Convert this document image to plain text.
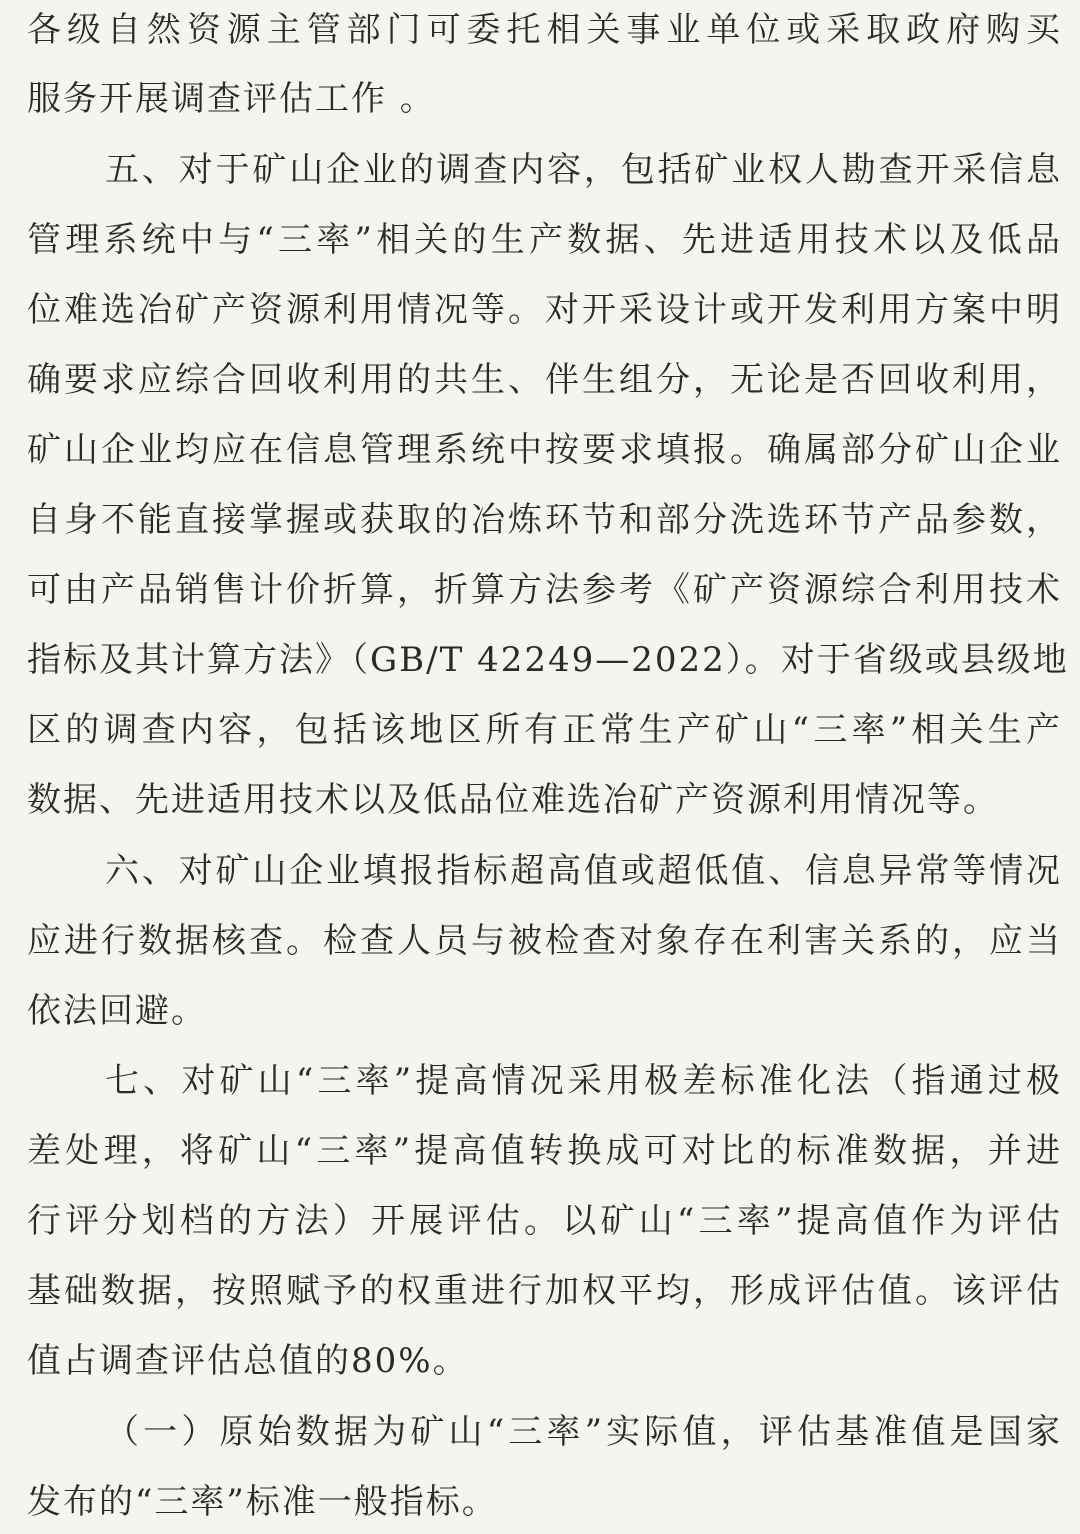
各级自然资源主管部门可委托相关事业单位或采取政府购买
服务开展调查评估工作 。
五、对于矿山企业的调查内容，包括矿业权人勘查开采信息
管理系统中与“三率”相关的生产数据、先进适用技术以及低品
位难选冶矿产资源利用情况等。对开采设计或开发利用方案中明
确要求应综合回收利用的共生、伴生组分，无论是否回收利用，
矿山企业均应在信息管理系统中按要求填报。确属部分矿山企业
自身不能直接掌握或获取的冶炼环节和部分洗选环节产品参数，
可由产品销售计价折算，折算方法参考《矿产资源综合利用技术
指标及其计算方法》（GB/T 42249—2022）。对于省级或县级地
区的调查内容，包括该地区所有正常生产矿山“三率”相关生产
数据、先进适用技术以及低品位难选冶矿产资源利用情况等。
六、对矿山企业填报指标超高值或超低值、信息异常等情况
应进行数据核查。检查人员与被检查对象存在利害关系的，应当
依法回避。
七、对矿山“三率”提高情况采用极差标准化法（指通过极
差处理，将矿山“三率”提高值转换成可对比的标准数据，并进
行评分划档的方法）开展评估。以矿山“三率”提高值作为评估
基础数据，按照赋予的权重进行加权平均，形成评估值。该评估
值占调查评估总值的80%。
（一）原始数据为矿山“三率”实际值，评估基准值是国家
发布的“三率”标准一般指标。
